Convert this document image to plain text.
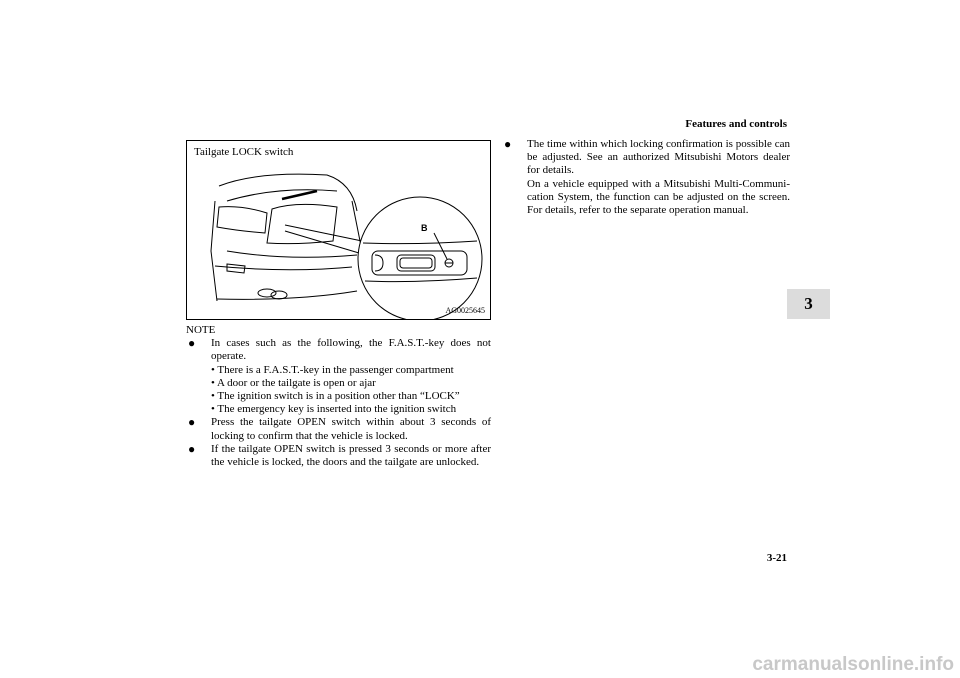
Features and controls
3
B
Tailgate LOCK switch
AG0025645
NOTE
● In cases such as the following, the F.A.S.T.-key does not operate.
• There is a F.A.S.T.-key in the passenger compartment
• A door or the tailgate is open or ajar
• The ignition switch is in a position other than “LOCK”
• The emergency key is inserted into the ignition switch
● Press the tailgate OPEN switch within about 3 seconds of locking to confirm that the vehicle is locked.
● If the tailgate OPEN switch is pressed 3 seconds or more after the vehicle is locked, the doors and the tailgate are unlocked.
● The time within which locking confirmation is possible can be adjusted. See an authorized Mitsubishi Motors dealer for details.
On a vehicle equipped with a Mitsubishi Multi-Communi-cation System, the function can be adjusted on the screen. For details, refer to the separate operation manual.
3-21
carmanualsonline.info
